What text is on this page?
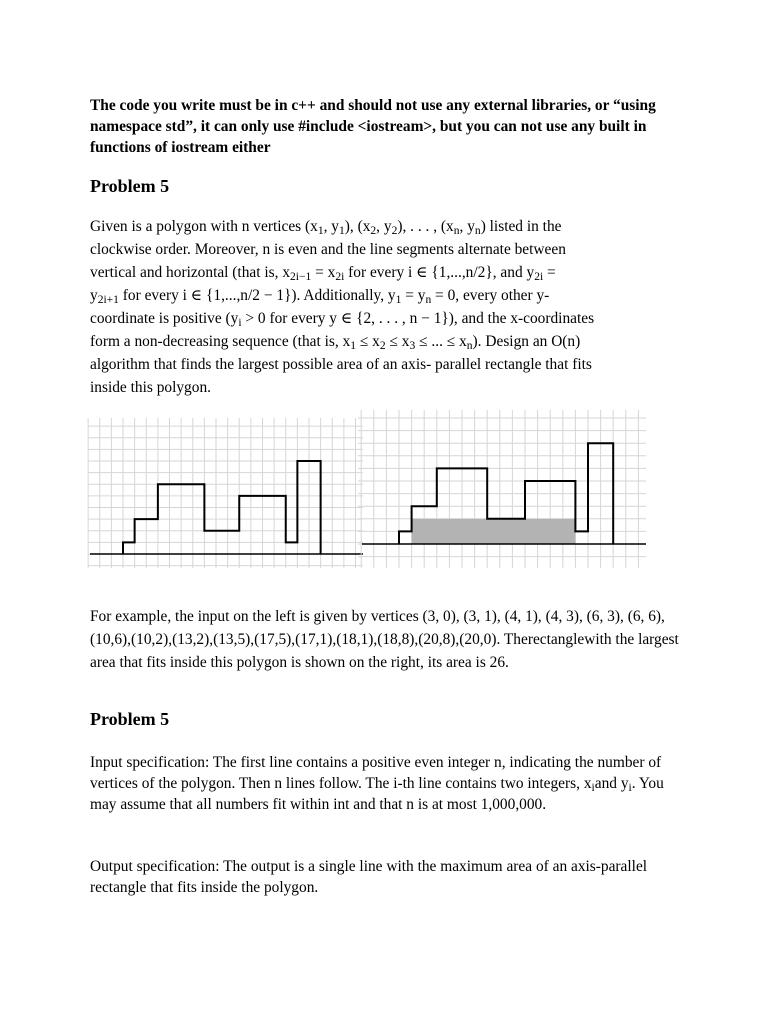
The code you write must be in c++ and should not use any external libraries, or “using namespace std”, it can only use #include <iostream>, but you can not use any built in functions of iostream either

Problem 5
Given is a polygon with n vertices ($x_1$, $y_1$), ($x_2$, $y_2$), . . . , ($x_n$, $y_n$) listed in the
clockwise order. Moreover, n is even and the line segments alternate between
vertical and horizontal (that is, $x_{2i-1} = x_{2i}$ for every i ∈ {1,...,n/2}, and $y_{2i}$ =
$y_{2i+1}$ for every i ∈ {1,...,n/2 − 1}). Additionally, $y_1 = y_n = 0$, every other y-
coordinate is positive ($y_i > 0$ for every y ∈ {2, . . . , n − 1}), and the x-coordinates
form a non-decreasing sequence (that is, $x_1 \le x_2 \le x_3$ ≤ ... ≤ $x_n$). Design an O(n)
algorithm that finds the largest possible area of an axis- parallel rectangle that fits
inside this polygon.

For example, the input on the left is given by vertices (3, 0), (3, 1), (4, 1), (4, 3), (6, 3), (6, 6), (10,6),(10,2),(13,2),(13,5),(17,5),(17,1),(18,1),(18,8),(20,8),(20,0). Therectanglewith the largest area that fits inside this polygon is shown on the right, its area is 26.

Problem 5

Input specification: The first line contains a positive even integer n, indicating the number of vertices of the polygon. Then n lines follow. The i-th line contains two integers, $x_iand$ $y_i$. You may assume that all numbers fit within int and that n is at most 1,000,000.

Output specification: The output is a single line with the maximum area of an axis-parallel rectangle that fits inside the polygon.
